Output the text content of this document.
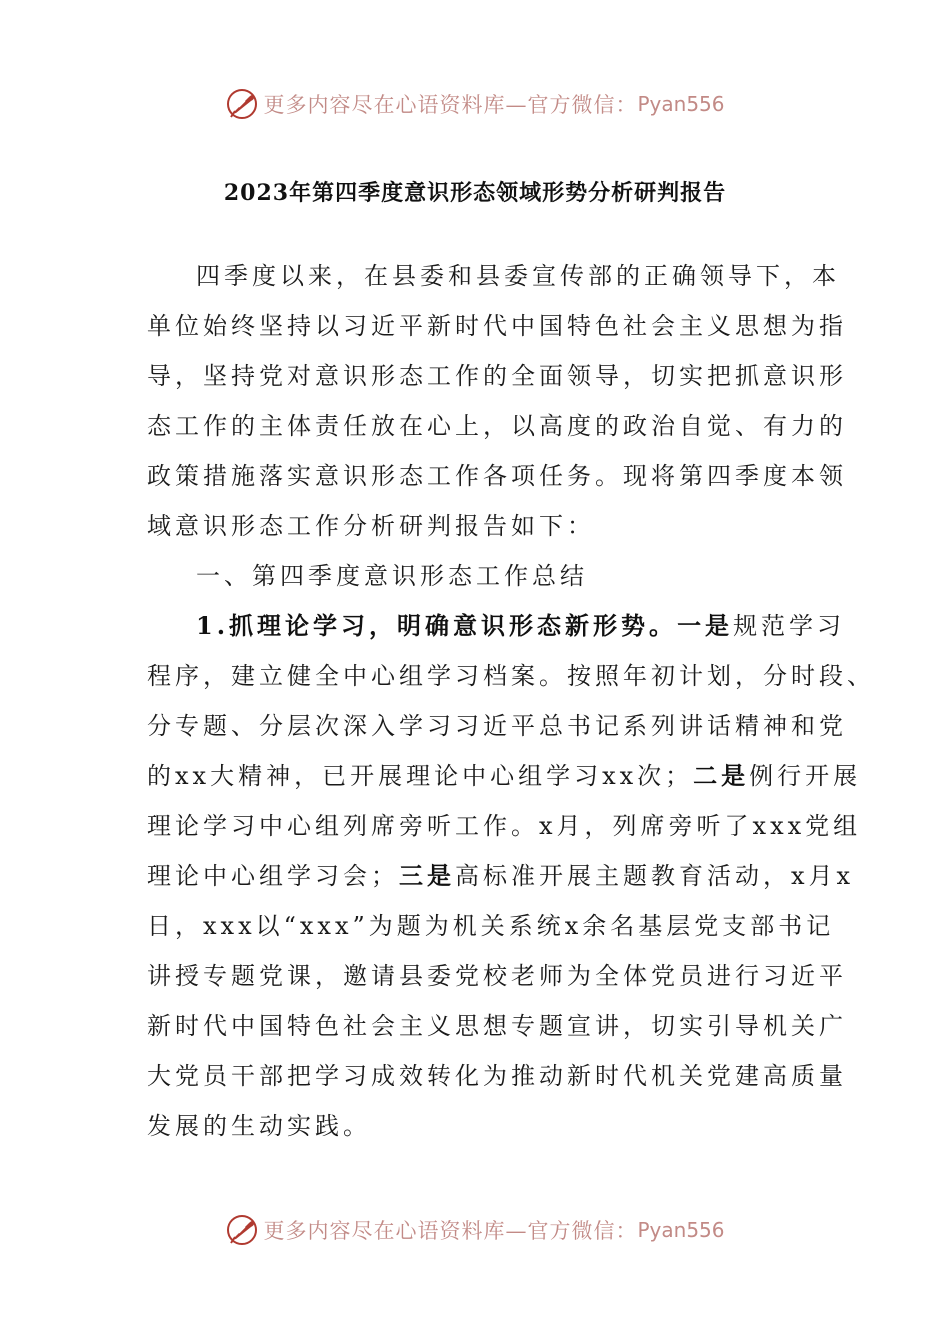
更多内容尽在心语资料库—官方微信： Pyan556
2023年第四季度意识形态领域形势分析研判报告
四季度以来，在县委和县委宣传部的正确领导下，本
单位始终坚持以习近平新时代中国特色社会主义思想为指
导，坚持党对意识形态工作的全面领导，切实把抓意识形
态工作的主体责任放在心上，以高度的政治自觉、有力的
政策措施落实意识形态工作各项任务。现将第四季度本领
域意识形态工作分析研判报告如下：
一、第四季度意识形态工作总结
1.抓理论学习，明确意识形态新形势。一是规范学习
程序，建立健全中心组学习档案。按照年初计划，分时段、
分专题、分层次深入学习习近平总书记系列讲话精神和党
的xx大精神，已开展理论中心组学习xx次；二是例行开展
理论学习中心组列席旁听工作。x月，列席旁听了xxx党组
理论中心组学习会；三是高标准开展主题教育活动，x月x
日，xxx以“xxx”为题为机关系统x余名基层党支部书记
讲授专题党课，邀请县委党校老师为全体党员进行习近平
新时代中国特色社会主义思想专题宣讲，切实引导机关广
大党员干部把学习成效转化为推动新时代机关党建高质量
发展的生动实践。
更多内容尽在心语资料库—官方微信： Pyan556
